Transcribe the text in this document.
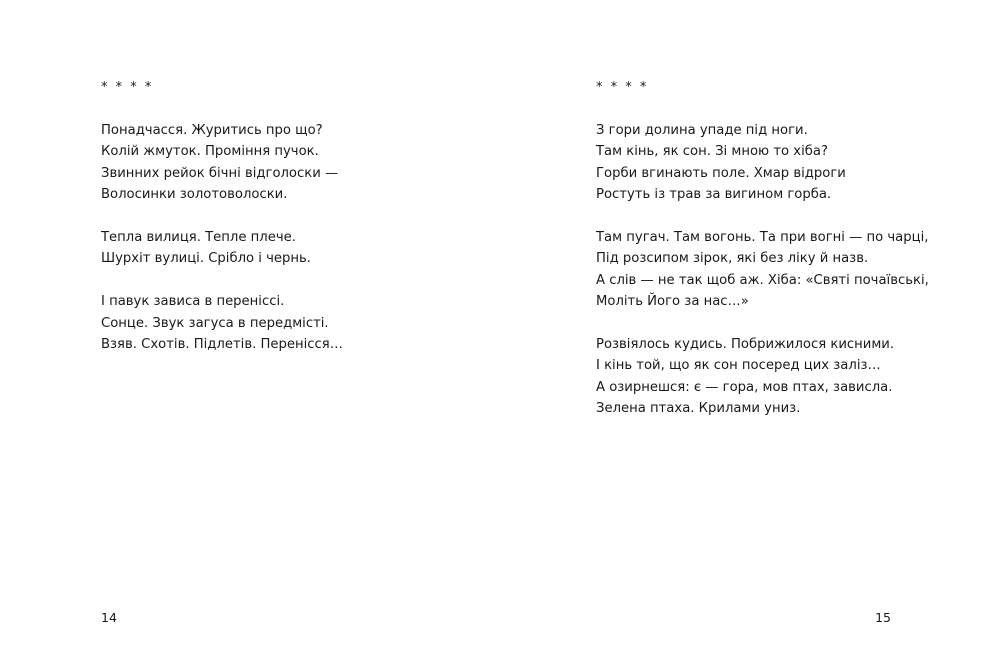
* * * *
Понадчасся. Журитись про що?
Колій жмуток. Проміння пучок.
Звинних рейок бічні відголоски —
Волосинки золотоволоски.
Тепла вилиця. Тепле плече.
Шурхіт вулиці. Срібло і чернь.
І павук зависа в переніссі.
Сонце. Звук загуса в передмісті.
Взяв. Схотів. Підлетів. Перенісся…
14
* * * *
З гори долина упаде під ноги.
Там кінь, як сон. Зі мною то хіба?
Горби вгинають поле. Хмар відроги
Ростуть із трав за вигином горба.
Там пугач. Там вогонь. Та при вогні — по чарці,
Під розсипом зірок, які без ліку й назв.
А слів — не так щоб аж. Хіба: «Святі почаївські,
Моліть Його за нас…»
Розвіялось кудись. Побрижилося кисними.
І кінь той, що як сон посеред цих заліз…
А озирнешся: є — гора, мов птах, зависла.
Зелена птаха. Крилами униз.
15
